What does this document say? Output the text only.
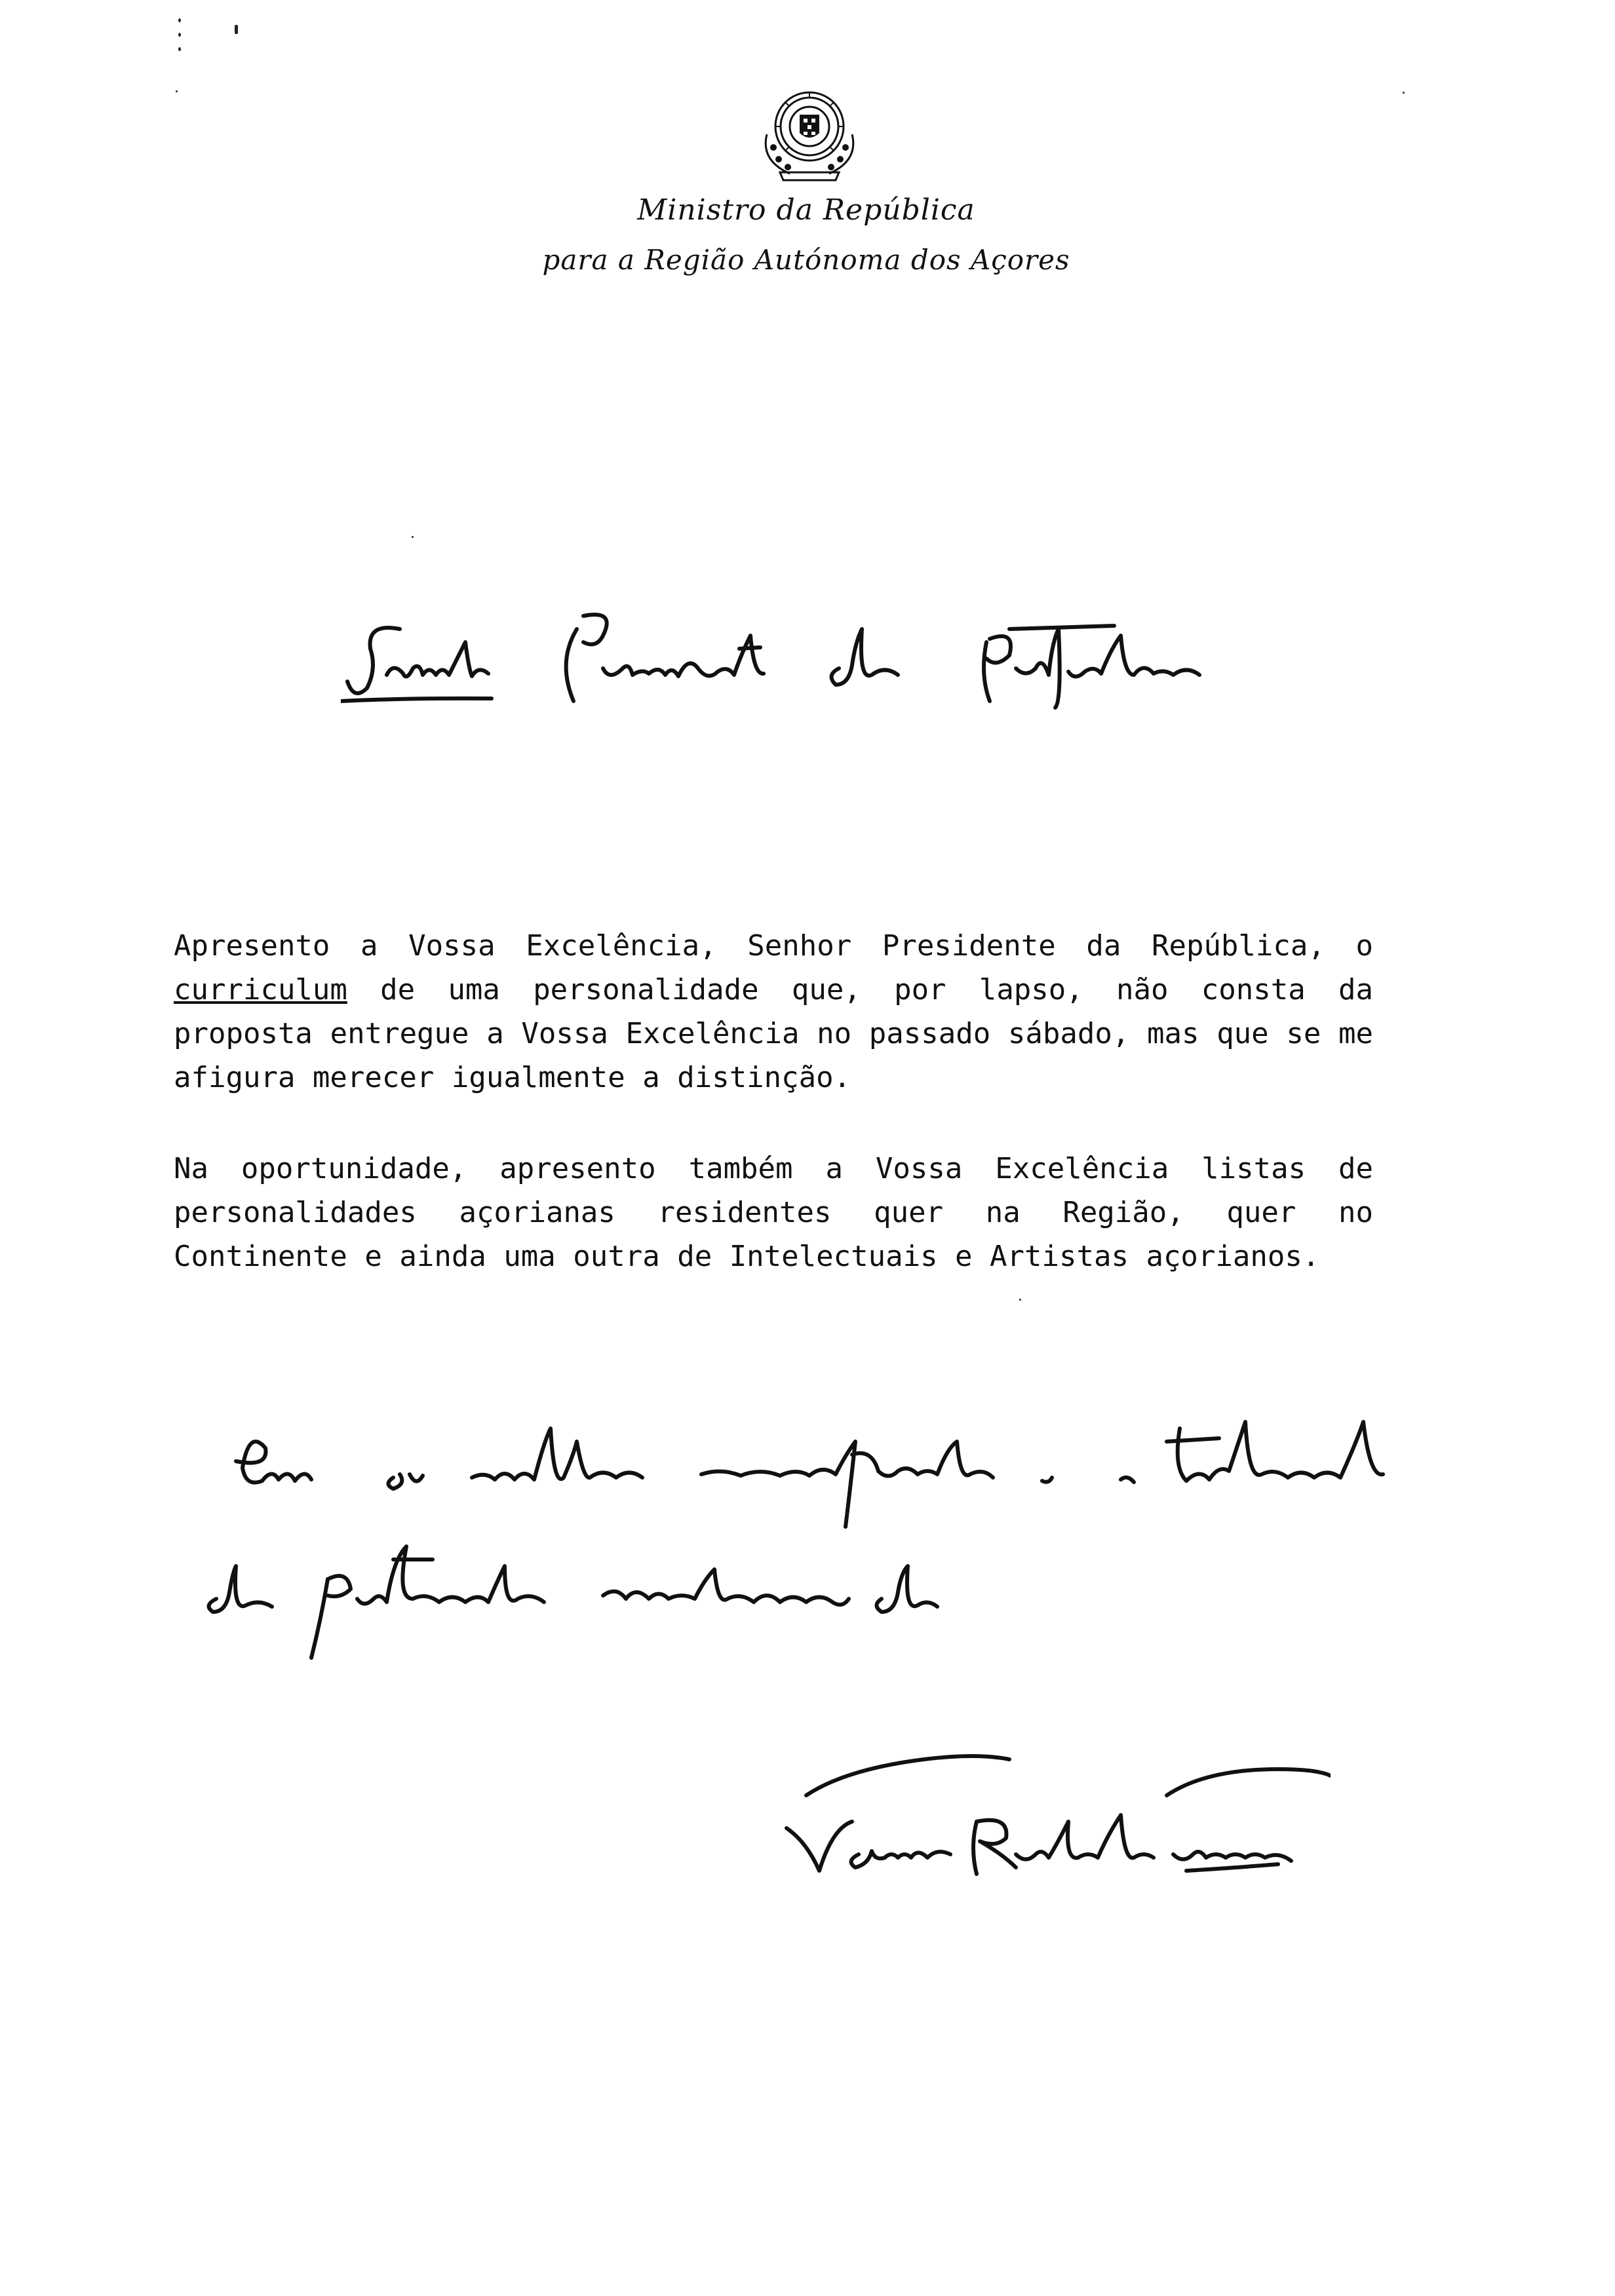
Ministro da República
para a Região Autónoma dos Açores
Apresento a Vossa Excelência, Senhor Presidente da República, o curriculum de uma personalidade que, por lapso, não consta da proposta entregue a Vossa Excelência no passado sábado, mas que se me afigura merecer igualmente a distinção.
Na oportunidade, apresento também a Vossa Excelência listas de personalidades açorianas residentes quer na Região, quer no Continente e ainda uma outra de Intelectuais e Artistas açorianos.
